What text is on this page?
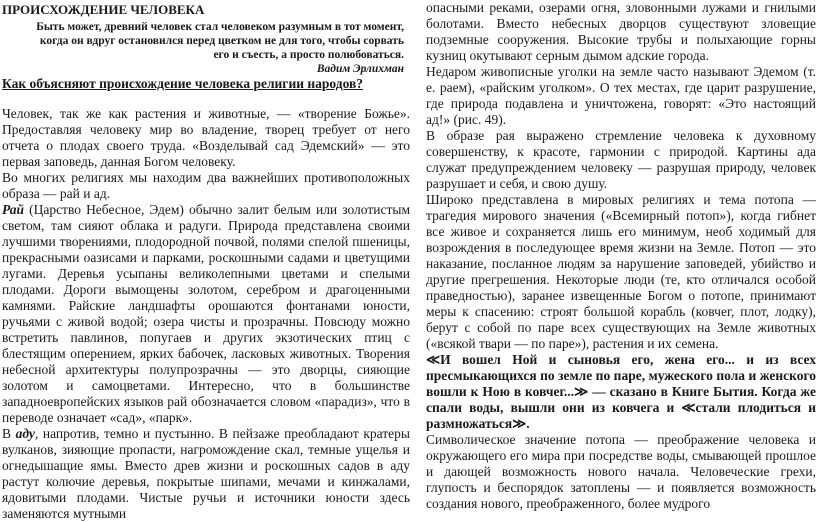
ПРОИСХОЖДЕНИЕ ЧЕЛОВЕКА
Быть может, древний человек стал человеком разумным в тот момент, когда он вдруг остановился перед цветком не для того, чтобы сорвать его и съесть, а просто полюбоваться.
Вадим Эрлихман
Как объясняют происхождение человека религии народов?

Человек, так же как растения и животные, — «творение Божье». Предоставляя человеку мир во владение, творец требует от него отчета о плодах своего труда. «Возделывай сад Эдемский» — это первая заповедь, данная Богом человеку.

Во многих религиях мы находим два важнейших противоположных образа — рай и ад.

Рай (Царство Небесное, Эдем) обычно залит белым или золотистым светом, там сияют облака и радуги. Природа представлена своими лучшими творениями, плодородной почвой, полями спелой пшеницы, прекрасными оазисами и парками, роскошными садами и цветущими лугами. Деревья усыпаны великолепными цветами и спелыми плодами. Дороги вымощены золотом, серебром и драгоценными камнями. Райские ландшафты орошаются фонтанами юности, ручьями с живой водой; озера чисты и прозрачны. Повсюду можно встретить павлинов, попугаев и других экзотических птиц с блестящим оперением, ярких бабочек, ласковых животных. Творения небесной архитектуры полупрозрачны — это дворцы, сияющие золотом и самоцветами. Интересно, что в большинстве западноевропейских языков рай обозначается словом «парадиз», что в переводе означает «сад», «парк».

В аду, напротив, темно и пустынно. В пейзаже преобладают кратеры вулканов, зияющие пропасти, нагромождение скал, темные ущелья и огнедышащие ямы. Вместо древ жизни и роскошных садов в аду растут колючие деревья, покрытые шипами, мечами и кинжалами, ядовитыми плодами. Чистые ручьи и источники юности здесь заменяются мутными

опасными реками, озерами огня, зловонными лужами и гнилыми болотами. Вместо небесных дворцов существуют зловещие подземные сооружения. Высокие трубы и полыхающие горны кузниц окутывают серным дымом адские города.

Недаром живописные уголки на земле часто называют Эдемом (т. е. раем), «райским уголком». О тех местах, где царит разрушение, где природа подавлена и уничтожена, говорят: «Это настоящий ад!» (рис. 49).

В образе рая выражено стремление человека к духовному совершенству, к красоте, гармонии с природой. Картины ада служат предупреждением человеку — разрушая природу, человек разрушает и себя, и свою душу.

Широко представлена в мировых религиях и тема потопа — трагедия мирового значения («Всемирный потоп»), когда гибнет все живое и сохраняется лишь его минимум, необ ходимый для возрождения в последующее время жизни на Земле. Потоп — это наказание, посланное людям за нарушение заповедей, убийство и другие прегрешения. Некоторые люди (те, кто отличался особой праведностью), заранее извещенные Богом о потопе, принимают меры к спасению: строят большой корабль (ковчег, плот, лодку), берут с собой по паре всех существующих на Земле животных («всякой твари — по паре»), растения и их семена.

≪И вошел Ной и сыновья его, жена его... и из всех пресмыкающихся по земле по паре, мужеского пола и женского вошли к Ною в ковчег...≫ — сказано в Книге Бытия. Когда же спали воды, вышли они из ковчега и ≪стали плодиться и размножаться≫.

Символическое значение потопа — преображение человека и окружающего его мира при посредстве воды, смывающей прошлое и дающей возможность нового начала. Человеческие грехи, глупость и беспорядок затоплены — и появляется возможность создания нового, преображенного, более мудрого
